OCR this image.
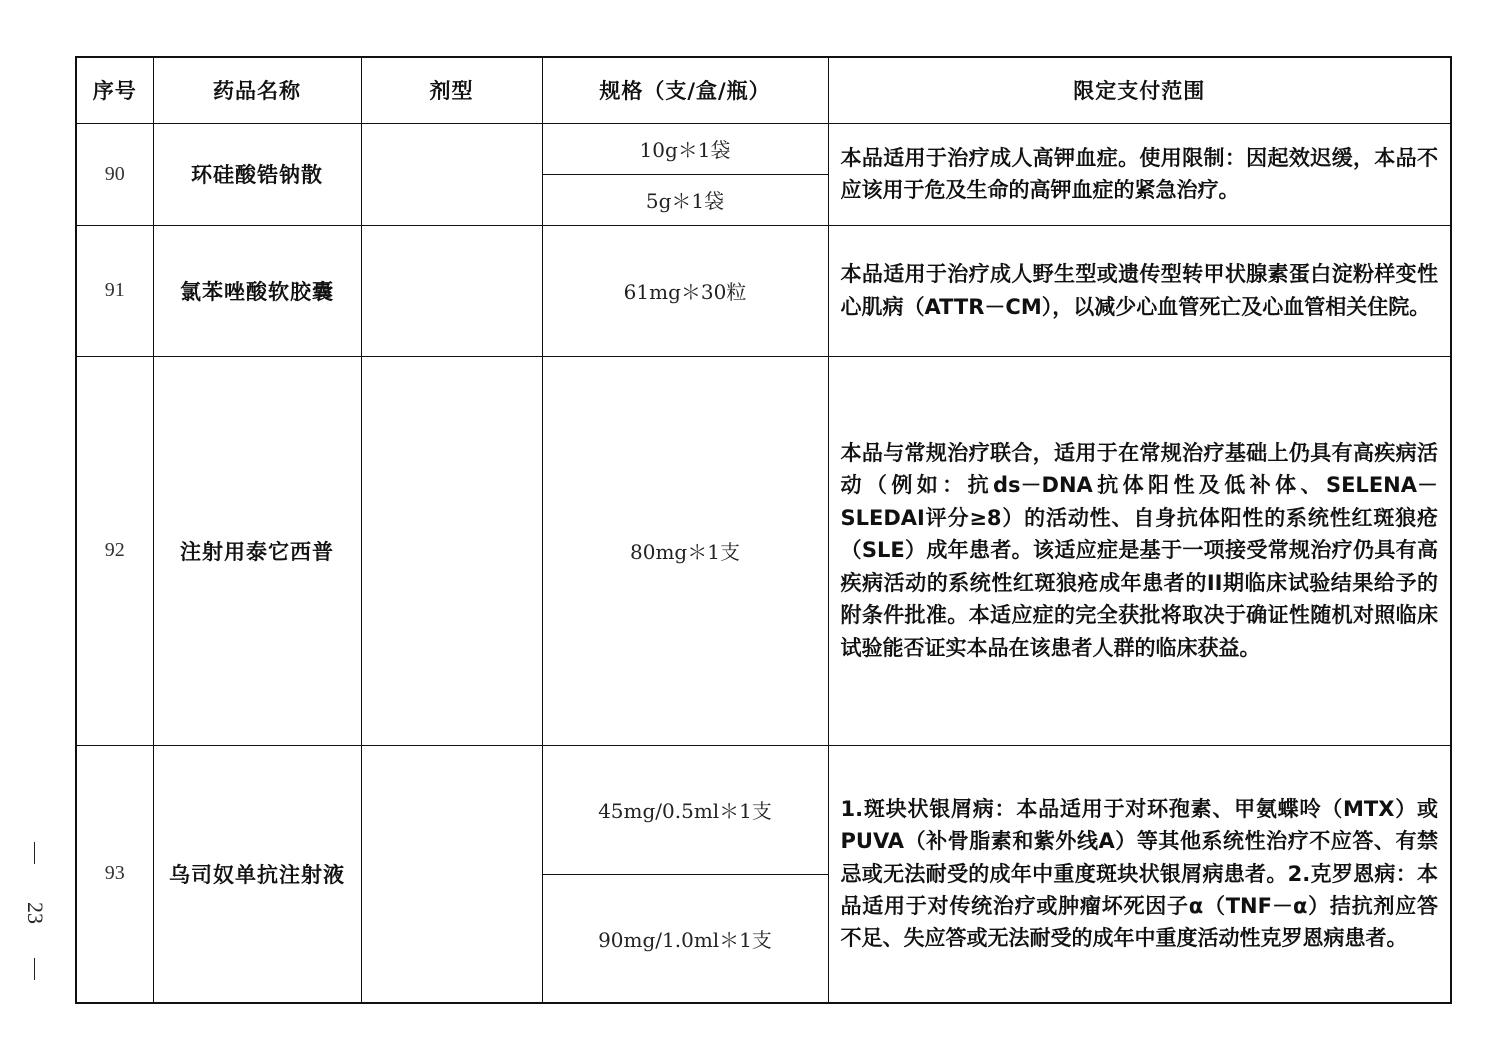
序号	药品名称	剂型	规格（支/盒/瓶）	限定支付范围
90	环硅酸锆钠散		10g＊1袋	本品适用于治疗成人高钾血症。使用限制：因起效迟缓，本品不应该用于危及生命的高钾血症的紧急治疗。
			5g＊1袋	
91	氯苯唑酸软胶囊		61mg＊30粒	本品适用于治疗成人野生型或遗传型转甲状腺素蛋白淀粉样变性心肌病（ATTR－CM），以减少心血管死亡及心血管相关住院。
92	注射用泰它西普		80mg＊1支	本品与常规治疗联合，适用于在常规治疗基础上仍具有高疾病活动（例如：抗ds－DNA抗体阳性及低补体、SELENA－SLEDAI评分≥8）的活动性、自身抗体阳性的系统性红斑狼疮（SLE）成年患者。该适应症是基于一项接受常规治疗仍具有高疾病活动的系统性红斑狼疮成年患者的II期临床试验结果给予的附条件批准。本适应症的完全获批将取决于确证性随机对照临床试验能否证实本品在该患者人群的临床获益。
93	乌司奴单抗注射液		45mg/0.5ml＊1支	1.斑块状银屑病：本品适用于对环孢素、甲氨蝶呤（MTX）或PUVA（补骨脂素和紫外线A）等其他系统性治疗不应答、有禁忌或无法耐受的成年中重度斑块状银屑病患者。2.克罗恩病：本品适用于对传统治疗或肿瘤坏死因子α（TNF－α）拮抗剂应答不足、失应答或无法耐受的成年中重度活动性克罗恩病患者。
			90mg/1.0ml＊1支	
23
